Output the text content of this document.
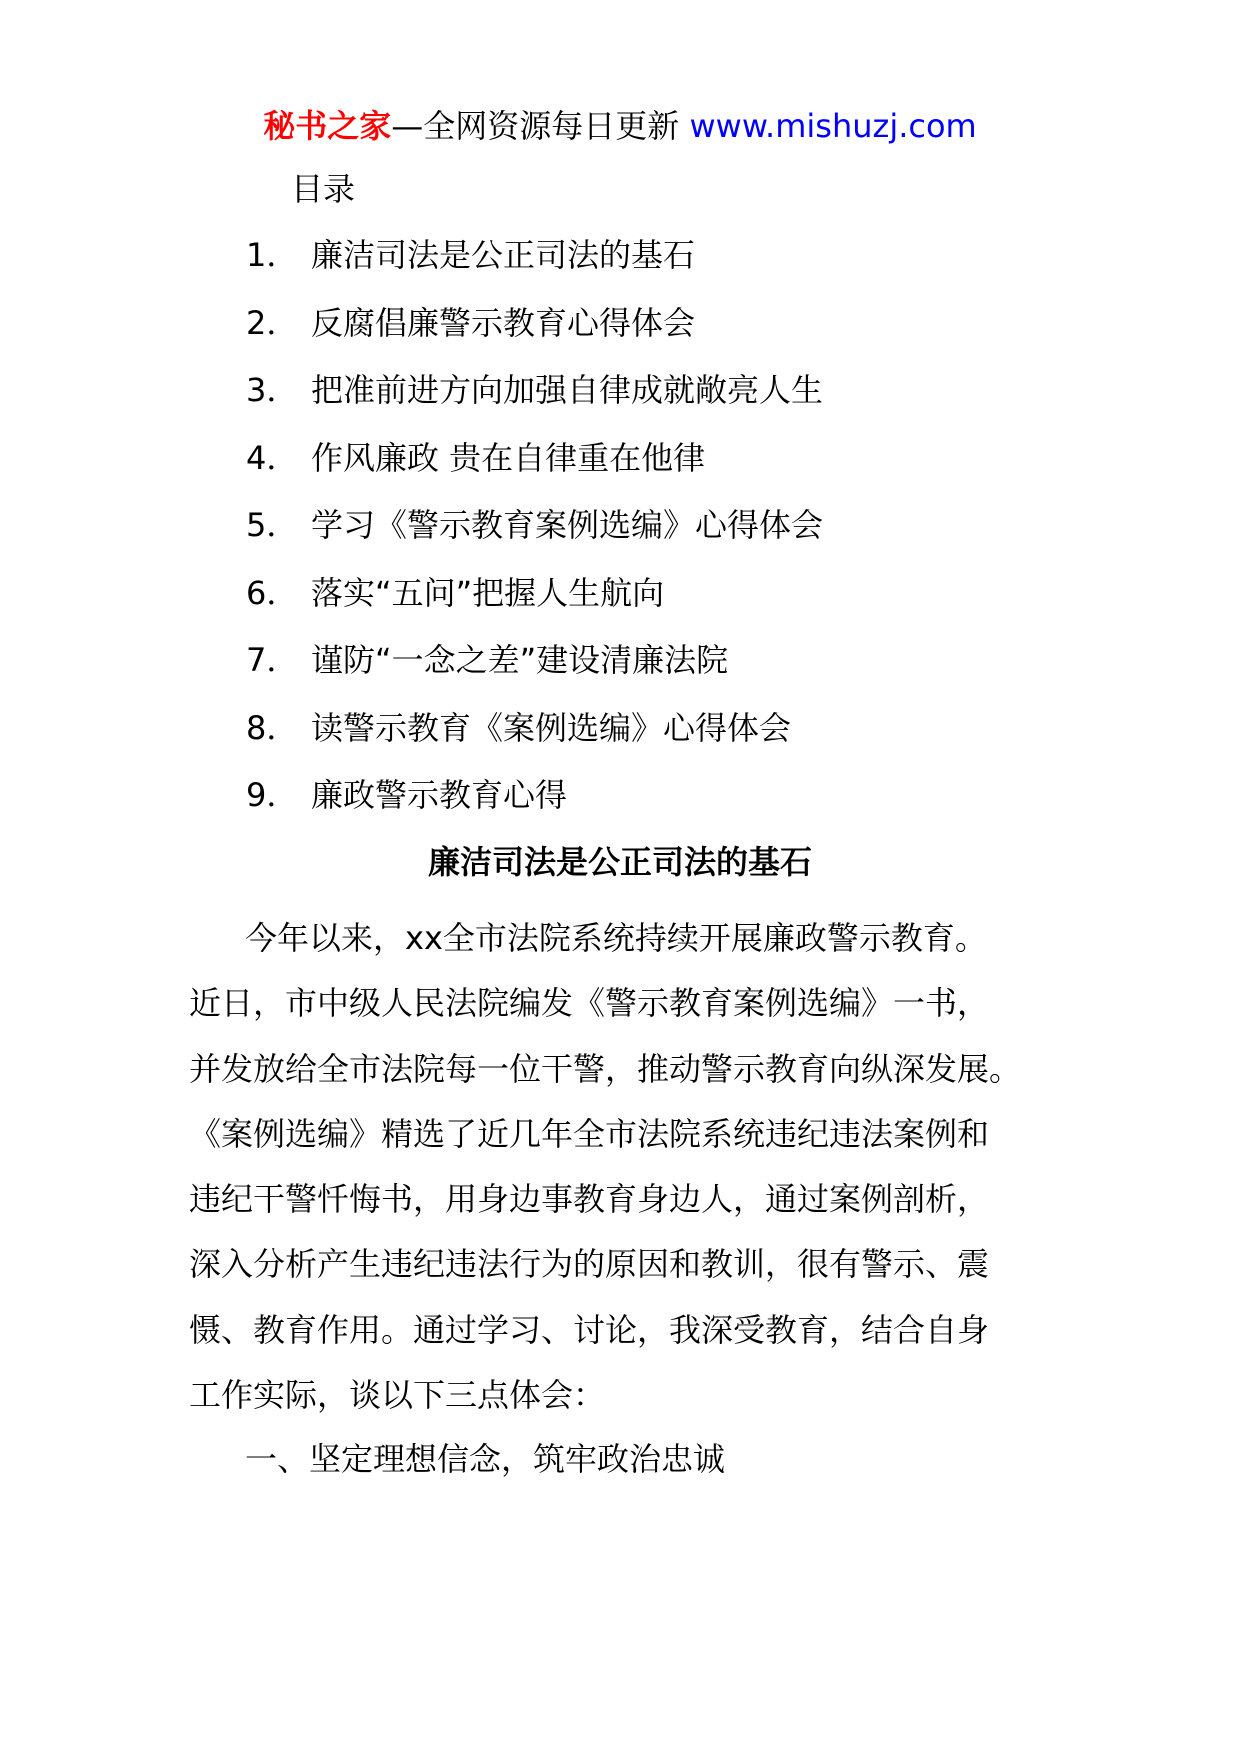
秘书之家—全网资源每日更新 www.mishuzj.com
目录
1． 廉洁司法是公正司法的基石
2． 反腐倡廉警示教育心得体会
3． 把准前进方向加强自律成就敞亮人生
4． 作风廉政 贵在自律重在他律
5． 学习《警示教育案例选编》心得体会
6． 落实“五问”把握人生航向
7． 谨防“一念之差”建设清廉法院
8． 读警示教育《案例选编》心得体会
9． 廉政警示教育心得
廉洁司法是公正司法的基石
今年以来，xx全市法院系统持续开展廉政警示教育。
近日，市中级人民法院编发《警示教育案例选编》一书，
并发放给全市法院每一位干警，推动警示教育向纵深发展。
《案例选编》精选了近几年全市法院系统违纪违法案例和
违纪干警忏悔书，用身边事教育身边人，通过案例剖析，
深入分析产生违纪违法行为的原因和教训，很有警示、震
慑、教育作用。通过学习、讨论，我深受教育，结合自身
工作实际，谈以下三点体会：
一、坚定理想信念，筑牢政治忠诚
